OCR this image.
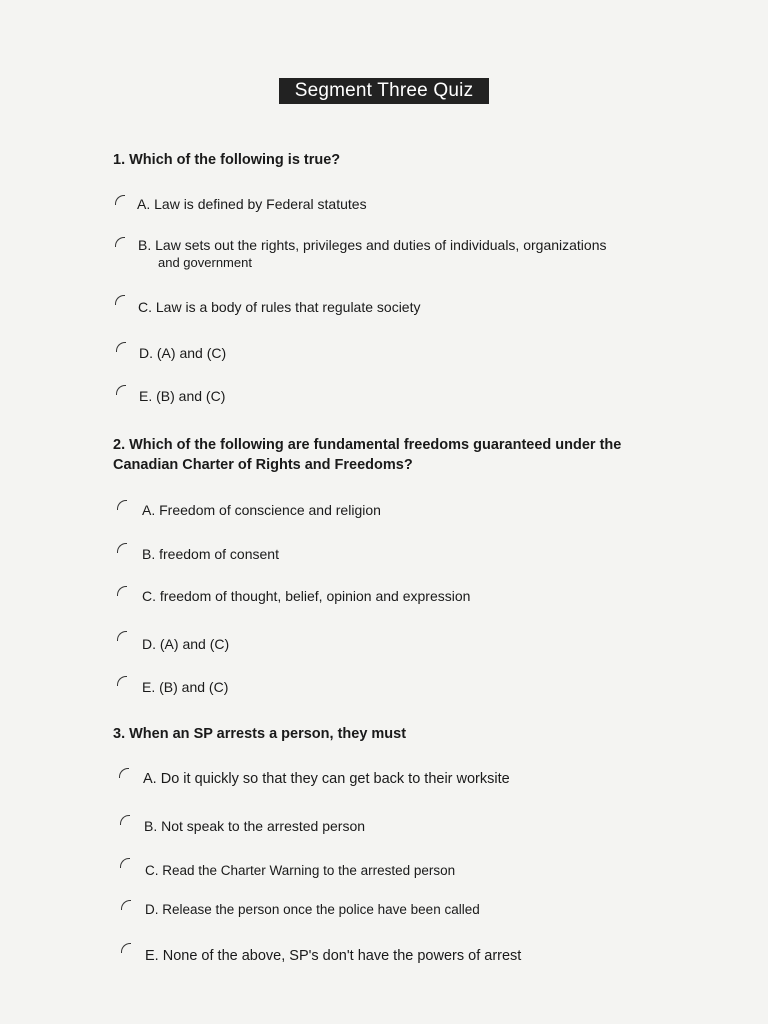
Segment Three Quiz
1. Which of the following is true?
A. Law is defined by Federal statutes
B. Law sets out the rights, privileges and duties of individuals, organizations
and government
C. Law is a body of rules that regulate society
D. (A) and (C)
E. (B) and (C)
2. Which of the following are fundamental freedoms guaranteed under the Canadian Charter of Rights and Freedoms?
A. Freedom of conscience and religion
B. freedom of consent
C. freedom of thought, belief, opinion and expression
D. (A) and (C)
E. (B) and (C)
3. When an SP arrests a person, they must
A. Do it quickly so that they can get back to their worksite
B. Not speak to the arrested person
C. Read the Charter Warning to the arrested person
D. Release the person once the police have been called
E. None of the above, SP's don't have the powers of arrest
